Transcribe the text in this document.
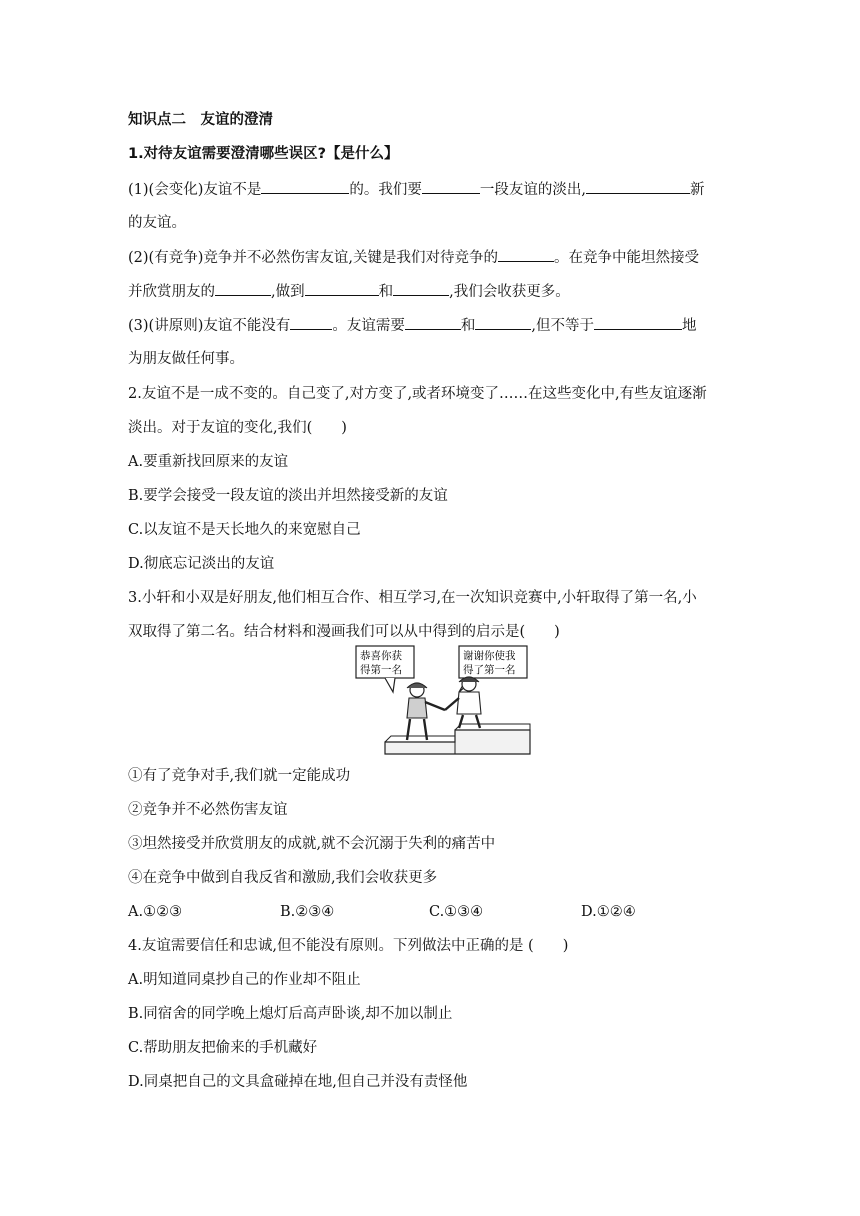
知识点二　友谊的澄清
1.对待友谊需要澄清哪些误区?【是什么】
(1)(会变化)友谊不是	的。我们要	一段友谊的淡出,	新
的友谊。
(2)(有竞争)竞争并不必然伤害友谊,关键是我们对待竞争的	。在竞争中能坦然接受
并欣赏朋友的	,做到	和	,我们会收获更多。
(3)(讲原则)友谊不能没有	。友谊需要	和	,但不等于	地
为朋友做任何事。
2.友谊不是一成不变的。自己变了,对方变了,或者环境变了……在这些变化中,有些友谊逐渐
淡出。对于友谊的变化,我们(　　)
A.要重新找回原来的友谊
B.要学会接受一段友谊的淡出并坦然接受新的友谊
C.以友谊不是天长地久的来宽慰自己
D.彻底忘记淡出的友谊
3.小轩和小双是好朋友,他们相互合作、相互学习,在一次知识竞赛中,小轩取得了第一名,小
双取得了第二名。结合材料和漫画我们可以从中得到的启示是(　　)
恭喜你获
得第一名
谢谢你使我
得了第一名
①有了竞争对手,我们就一定能成功
②竞争并不必然伤害友谊
③坦然接受并欣赏朋友的成就,就不会沉溺于失利的痛苦中
④在竞争中做到自我反省和激励,我们会收获更多
A.①②③	B.②③④	C.①③④	D.①②④
4.友谊需要信任和忠诚,但不能没有原则。下列做法中正确的是 (　　)
A.明知道同桌抄自己的作业却不阻止
B.同宿舍的同学晚上熄灯后高声卧谈,却不加以制止
C.帮助朋友把偷来的手机藏好
D.同桌把自己的文具盒碰掉在地,但自己并没有责怪他
